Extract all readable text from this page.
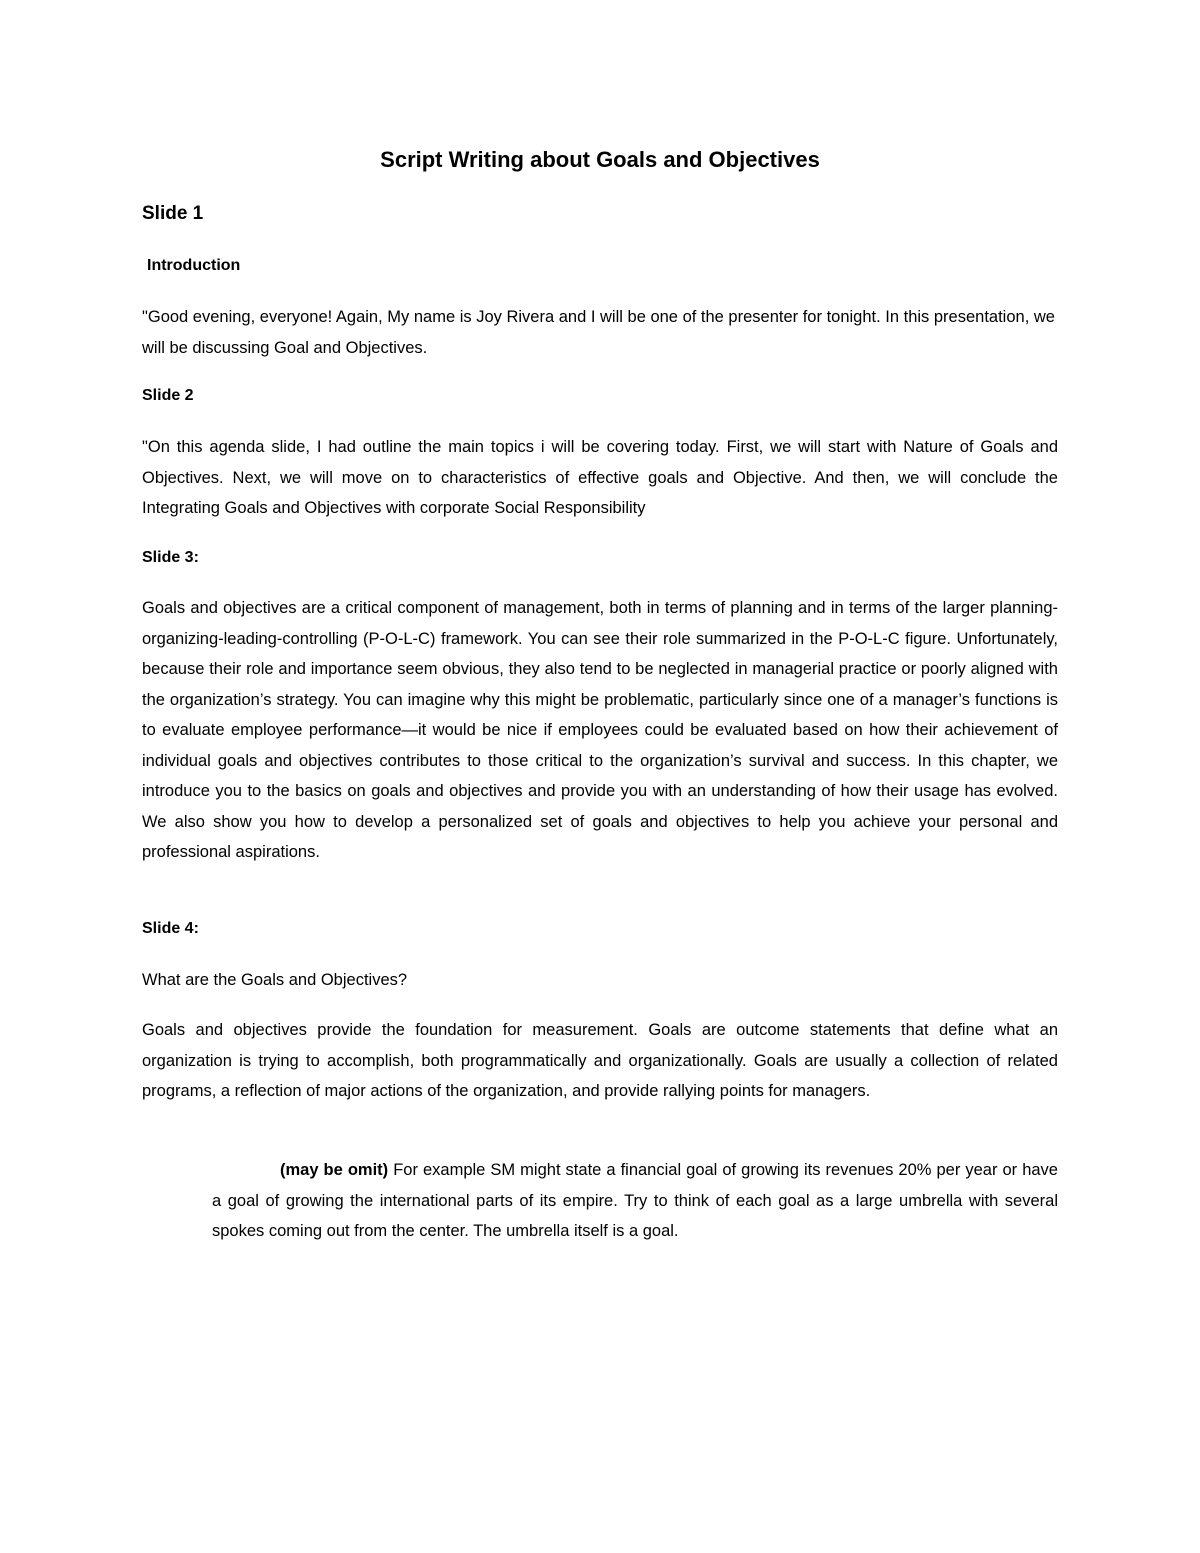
Script Writing about Goals and Objectives
Slide 1
Introduction

"Good evening, everyone! Again, My name is Joy Rivera and I will be one of the presenter for tonight. In this presentation, we will be discussing Goal and Objectives.

Slide 2

"On this agenda slide, I had outline the main topics i will be covering today. First, we will start with Nature of Goals and Objectives. Next, we will move on to characteristics of effective goals and Objective. And then, we will conclude the Integrating Goals and Objectives with corporate Social Responsibility

Slide 3:

Goals and objectives are a critical component of management, both in terms of planning and in terms of the larger planning-organizing-leading-controlling (P-O-L-C) framework. You can see their role summarized in the P-O-L-C figure. Unfortunately, because their role and importance seem obvious, they also tend to be neglected in managerial practice or poorly aligned with the organization’s strategy. You can imagine why this might be problematic, particularly since one of a manager’s functions is to evaluate employee performance—it would be nice if employees could be evaluated based on how their achievement of individual goals and objectives contributes to those critical to the organization’s survival and success. In this chapter, we introduce you to the basics on goals and objectives and provide you with an understanding of how their usage has evolved. We also show you how to develop a personalized set of goals and objectives to help you achieve your personal and professional aspirations.

Slide 4:

What are the Goals and Objectives?

Goals and objectives provide the foundation for measurement. Goals are outcome statements that define what an organization is trying to accomplish, both programmatically and organizationally. Goals are usually a collection of related programs, a reflection of major actions of the organization, and provide rallying points for managers.

(may be omit) For example SM might state a financial goal of growing its revenues 20% per year or have a goal of growing the international parts of its empire. Try to think of each goal as a large umbrella with several spokes coming out from the center. The umbrella itself is a goal.
